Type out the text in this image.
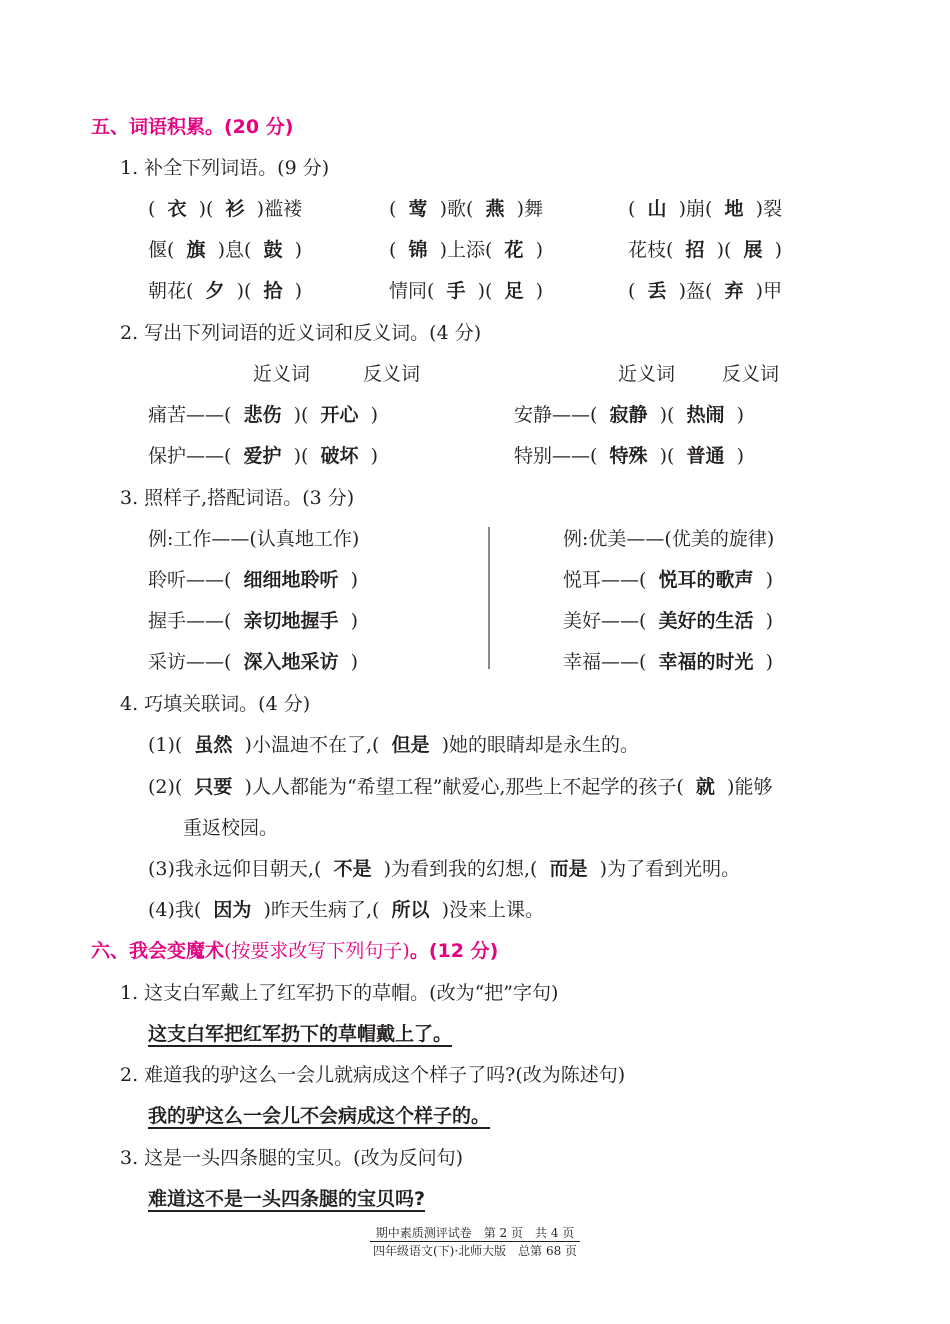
五、词语积累。(20 分)
1. 补全下列词语。(9 分)
( 衣 )( 衫 )褴褛	( 莺 )歌( 燕 )舞	( 山 )崩( 地 )裂
偃( 旗 )息( 鼓 )	( 锦 )上添( 花 )	花枝( 招 )( 展 )
朝花( 夕 )( 拾 )	情同( 手 )( 足 )	( 丢 )盔( 弃 )甲
2. 写出下列词语的近义词和反义词。(4 分)
近义词	反义词	近义词 反义词
痛苦——( 悲伤 )( 开心 )	安静——( 寂静 )( 热闹 )
保护——( 爱护 )( 破坏 )	特别——( 特殊 )( 普通 )
3. 照样子,搭配词语。(3 分)
例:工作——(认真地工作)
聆听——( 细细地聆听 )
握手——( 亲切地握手 )
采访——( 深入地采访 )
例:优美——(优美的旋律)
悦耳——( 悦耳的歌声 )
美好——( 美好的生活 )
幸福——( 幸福的时光 )
4. 巧填关联词。(4 分)
(1)( 虽然 )小温迪不在了,( 但是 )她的眼睛却是永生的。
(2)( 只要 )人人都能为“希望工程”献爱心,那些上不起学的孩子( 就 )能够
重返校园。
(3)我永远仰目朝天,( 不是 )为看到我的幻想,( 而是 )为了看到光明。
(4)我( 因为 )昨天生病了,( 所以 )没来上课。
六、我会变魔术(按要求改写下列句子)。(12 分)
1. 这支白军戴上了红军扔下的草帽。(改为“把”字句)
这支白军把红军扔下的草帽戴上了。
2. 难道我的驴这么一会儿就病成这个样子了吗?(改为陈述句)
我的驴这么一会儿不会病成这个样子的。
3. 这是一头四条腿的宝贝。(改为反问句)
难道这不是一头四条腿的宝贝吗?
期中素质测评试卷　第 2 页　共 4 页
四年级语文(下)·北师大版　总第 68 页
